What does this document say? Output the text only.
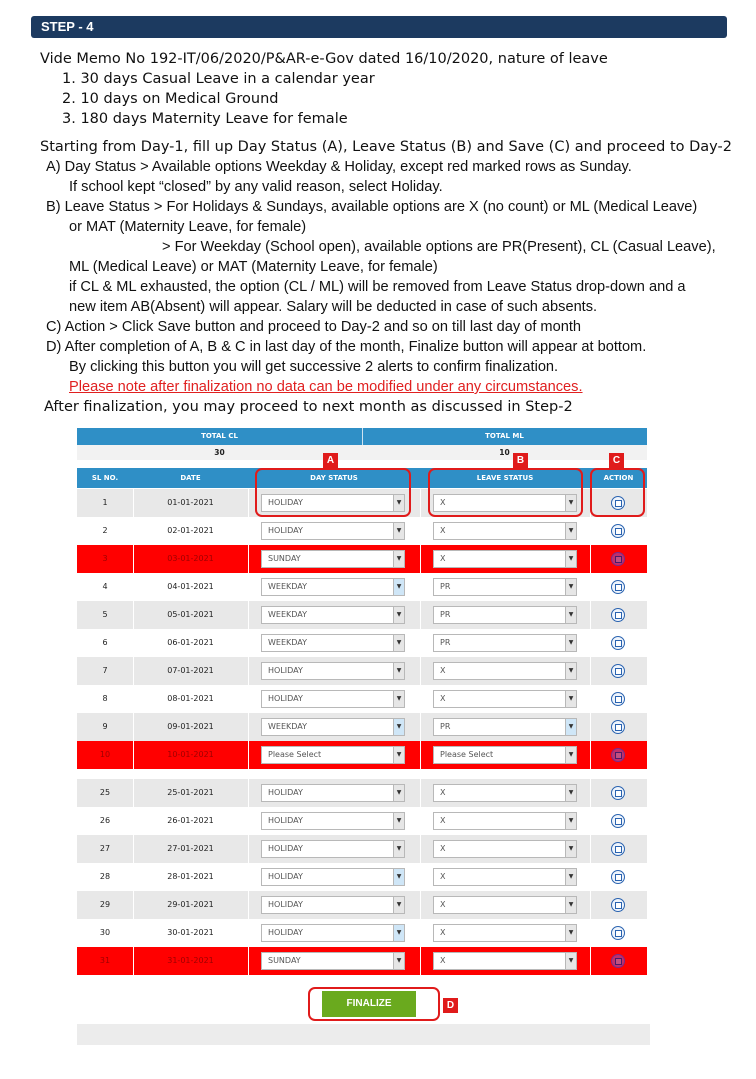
STEP - 4
Vide Memo No 192-IT/06/2020/P&AR-e-Gov dated 16/10/2020, nature of leave
1. 30 days Casual Leave in a calendar year
2. 10 days on Medical Ground
3. 180 days Maternity Leave for female
Starting from Day-1, fill up Day Status (A), Leave Status (B) and Save (C) and proceed to Day-2
A) Day Status > Available options Weekday & Holiday, except red marked rows as Sunday.
If school kept “closed” by any valid reason, select Holiday.
B) Leave Status > For Holidays & Sundays, available options are X (no count) or ML (Medical Leave)
or MAT (Maternity Leave, for female)
> For Weekday (School open), available options are PR(Present), CL (Casual Leave),
ML (Medical Leave) or MAT (Maternity Leave, for female)
if CL & ML exhausted, the option (CL / ML) will be removed from Leave Status drop-down and a
new item AB(Absent) will appear. Salary will be deducted in case of such absents.
C) Action > Click Save button and proceed to Day-2 and so on till last day of month
D) After completion of A, B & C in last day of the month, Finalize button will appear at bottom.
By clicking this button you will get successive 2 alerts to confirm finalization.
Please note after finalization no data can be modified under any circumstances.
After finalization, you may proceed to next month as discussed in Step-2
TOTAL CL	TOTAL ML
30	10
SL NO.	DATE	DAY STATUS	LEAVE STATUS	ACTION
1	01-01-2021	HOLIDAY	▼	X	▼
2	02-01-2021	HOLIDAY	▼	X	▼
3	03-01-2021	SUNDAY	▼	X	▼
4	04-01-2021	WEEKDAY	▼	PR	▼
5	05-01-2021	WEEKDAY	▼	PR	▼
6	06-01-2021	WEEKDAY	▼	PR	▼
7	07-01-2021	HOLIDAY	▼	X	▼
8	08-01-2021	HOLIDAY	▼	X	▼
9	09-01-2021	WEEKDAY	▼	PR	▼
10	10-01-2021	Please Select	▼	Please Select	▼
25	25-01-2021	HOLIDAY	▼	X	▼
26	26-01-2021	HOLIDAY	▼	X	▼
27	27-01-2021	HOLIDAY	▼	X	▼
28	28-01-2021	HOLIDAY	▼	X	▼
29	29-01-2021	HOLIDAY	▼	X	▼
30	30-01-2021	HOLIDAY	▼	X	▼
31	31-01-2021	SUNDAY	▼	X	▼
A	B	C
FINALIZE	D
